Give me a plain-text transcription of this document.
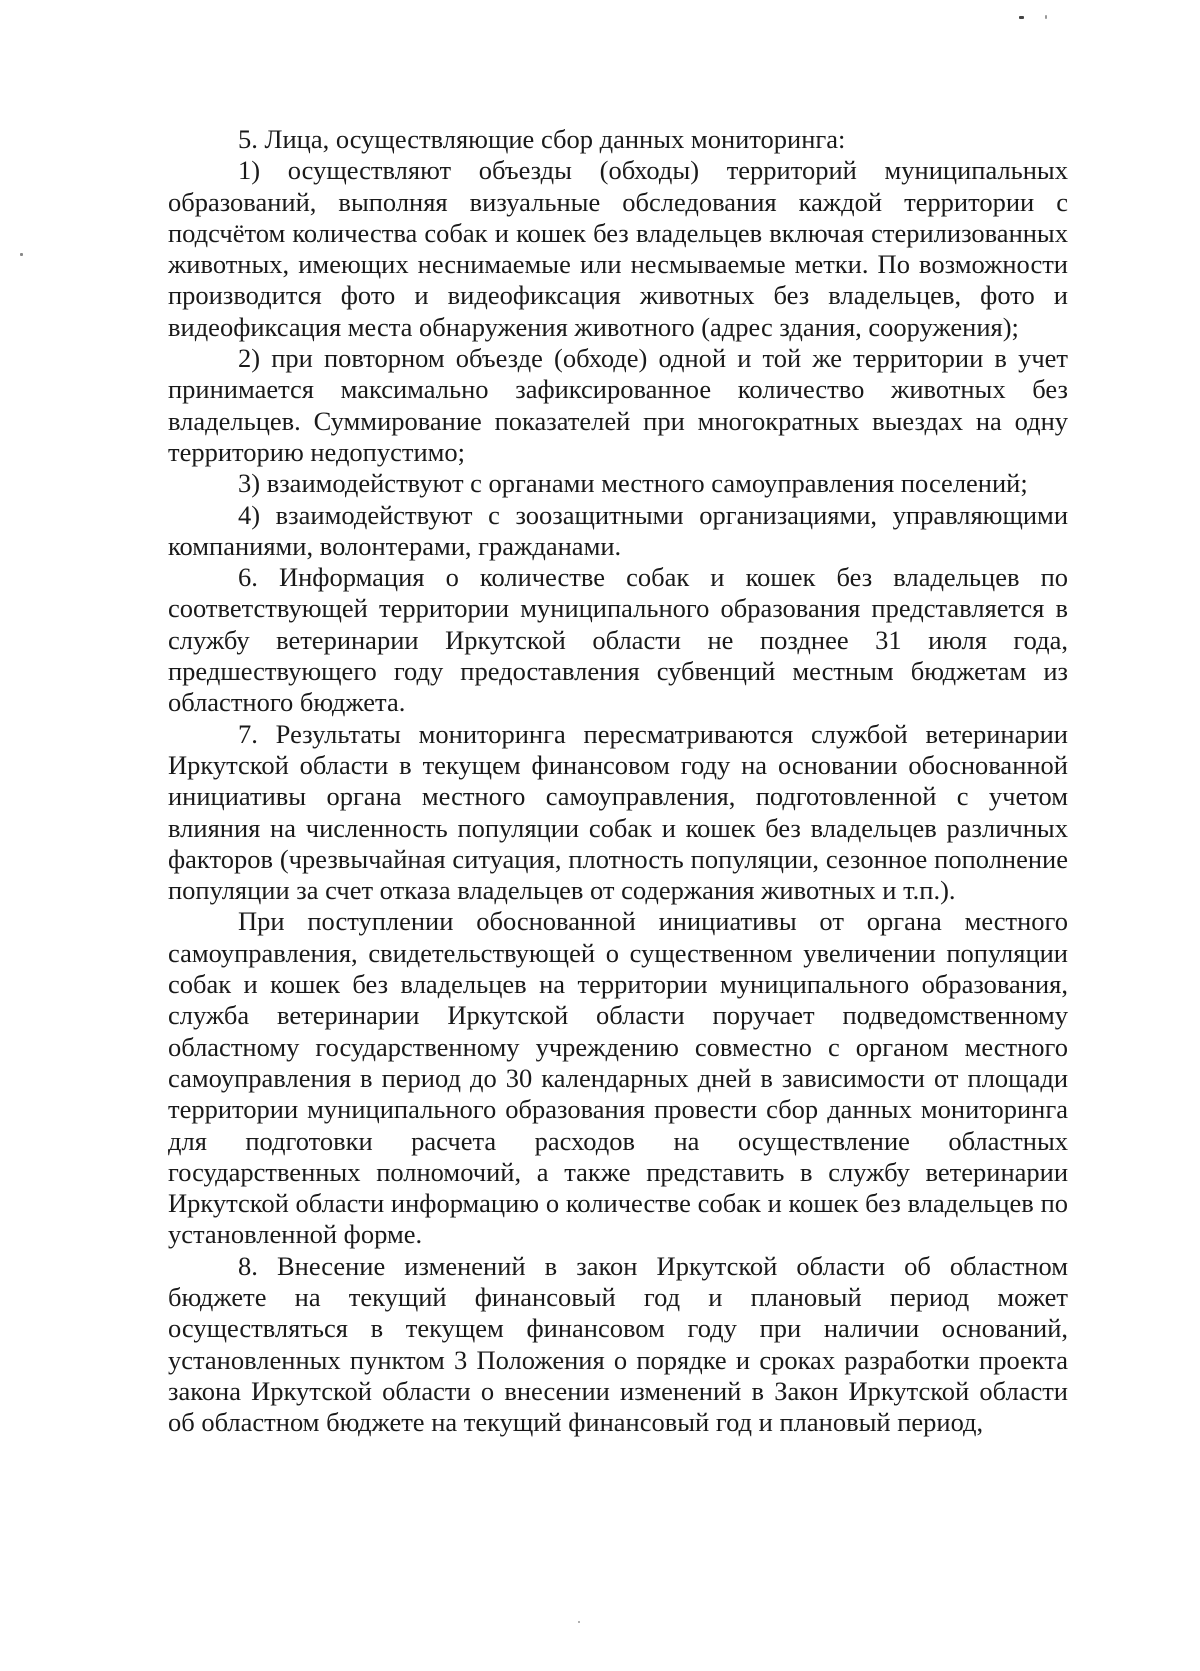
5. Лица, осуществляющие сбор данных мониторинга:

1) осуществляют объезды (обходы) территорий муниципальных образований, выполняя визуальные обследования каждой территории с подсчётом количества собак и кошек без владельцев включая стерилизованных животных, имеющих неснимаемые или несмываемые метки. По возможности производится фото и видеофиксация животных без владельцев, фото и видеофиксация места обнаружения животного (адрес здания, сооружения);

2) при повторном объезде (обходе) одной и той же территории в учет принимается максимально зафиксированное количество животных без владельцев. Суммирование показателей при многократных выездах на одну территорию недопустимо;

3) взаимодействуют с органами местного самоуправления поселений;

4) взаимодействуют с зоозащитными организациями, управляющими компаниями, волонтерами, гражданами.

6. Информация о количестве собак и кошек без владельцев по соответствующей территории муниципального образования представляется в службу ветеринарии Иркутской области не позднее 31 июля года, предшествующего году предоставления субвенций местным бюджетам из областного бюджета.

7. Результаты мониторинга пересматриваются службой ветеринарии Иркутской области в текущем финансовом году на основании обоснованной инициативы органа местного самоуправления, подготовленной с учетом влияния на численность популяции собак и кошек без владельцев различных факторов (чрезвычайная ситуация, плотность популяции, сезонное пополнение популяции за счет отказа владельцев от содержания животных и т.п.).

При поступлении обоснованной инициативы от органа местного самоуправления, свидетельствующей о существенном увеличении популяции собак и кошек без владельцев на территории муниципального образования, служба ветеринарии Иркутской области поручает подведомственному областному государственному учреждению совместно с органом местного самоуправления в период до 30 календарных дней в зависимости от площади территории муниципального образования провести сбор данных мониторинга для подготовки расчета расходов на осуществление областных государственных полномочий, а также представить в службу ветеринарии Иркутской области информацию о количестве собак и кошек без владельцев по установленной форме.

8. Внесение изменений в закон Иркутской области об областном бюджете на текущий финансовый год и плановый период может осуществляться в текущем финансовом году при наличии оснований, установленных пунктом 3 Положения о порядке и сроках разработки проекта закона Иркутской области о внесении изменений в Закон Иркутской области об областном бюджете на текущий финансовый год и плановый период,
